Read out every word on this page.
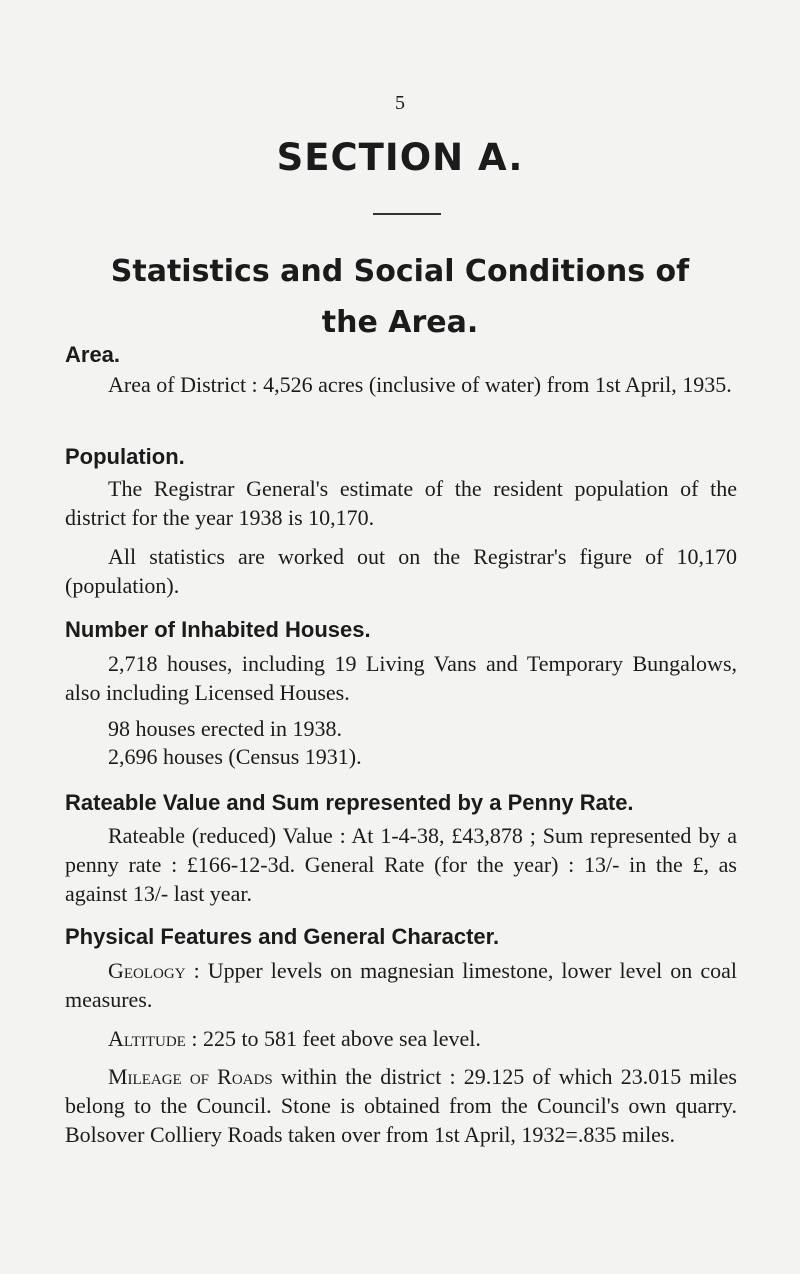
5
SECTION A.
Statistics and Social Conditions of
the Area.
Area.
Area of District : 4,526 acres (inclusive of water) from 1st April, 1935.
Population.
The Registrar General's estimate of the resident population of the district for the year 1938 is 10,170.
All statistics are worked out on the Registrar's figure of 10,170 (population).
Number of Inhabited Houses.
2,718 houses, including 19 Living Vans and Temporary Bungalows, also including Licensed Houses.
98 houses erected in 1938.
2,696 houses (Census 1931).
Rateable Value and Sum represented by a Penny Rate.
Rateable (reduced) Value : At 1-4-38, £43,878 ; Sum represented by a penny rate : £166-12-3d. General Rate (for the year) : 13/- in the £, as against 13/- last year.
Physical Features and General Character.
Geology : Upper levels on magnesian limestone, lower level on coal measures.
Altitude : 225 to 581 feet above sea level.
Mileage of Roads within the district : 29.125 of which 23.015 miles belong to the Council. Stone is obtained from the Council's own quarry. Bolsover Colliery Roads taken over from 1st April, 1932=.835 miles.
